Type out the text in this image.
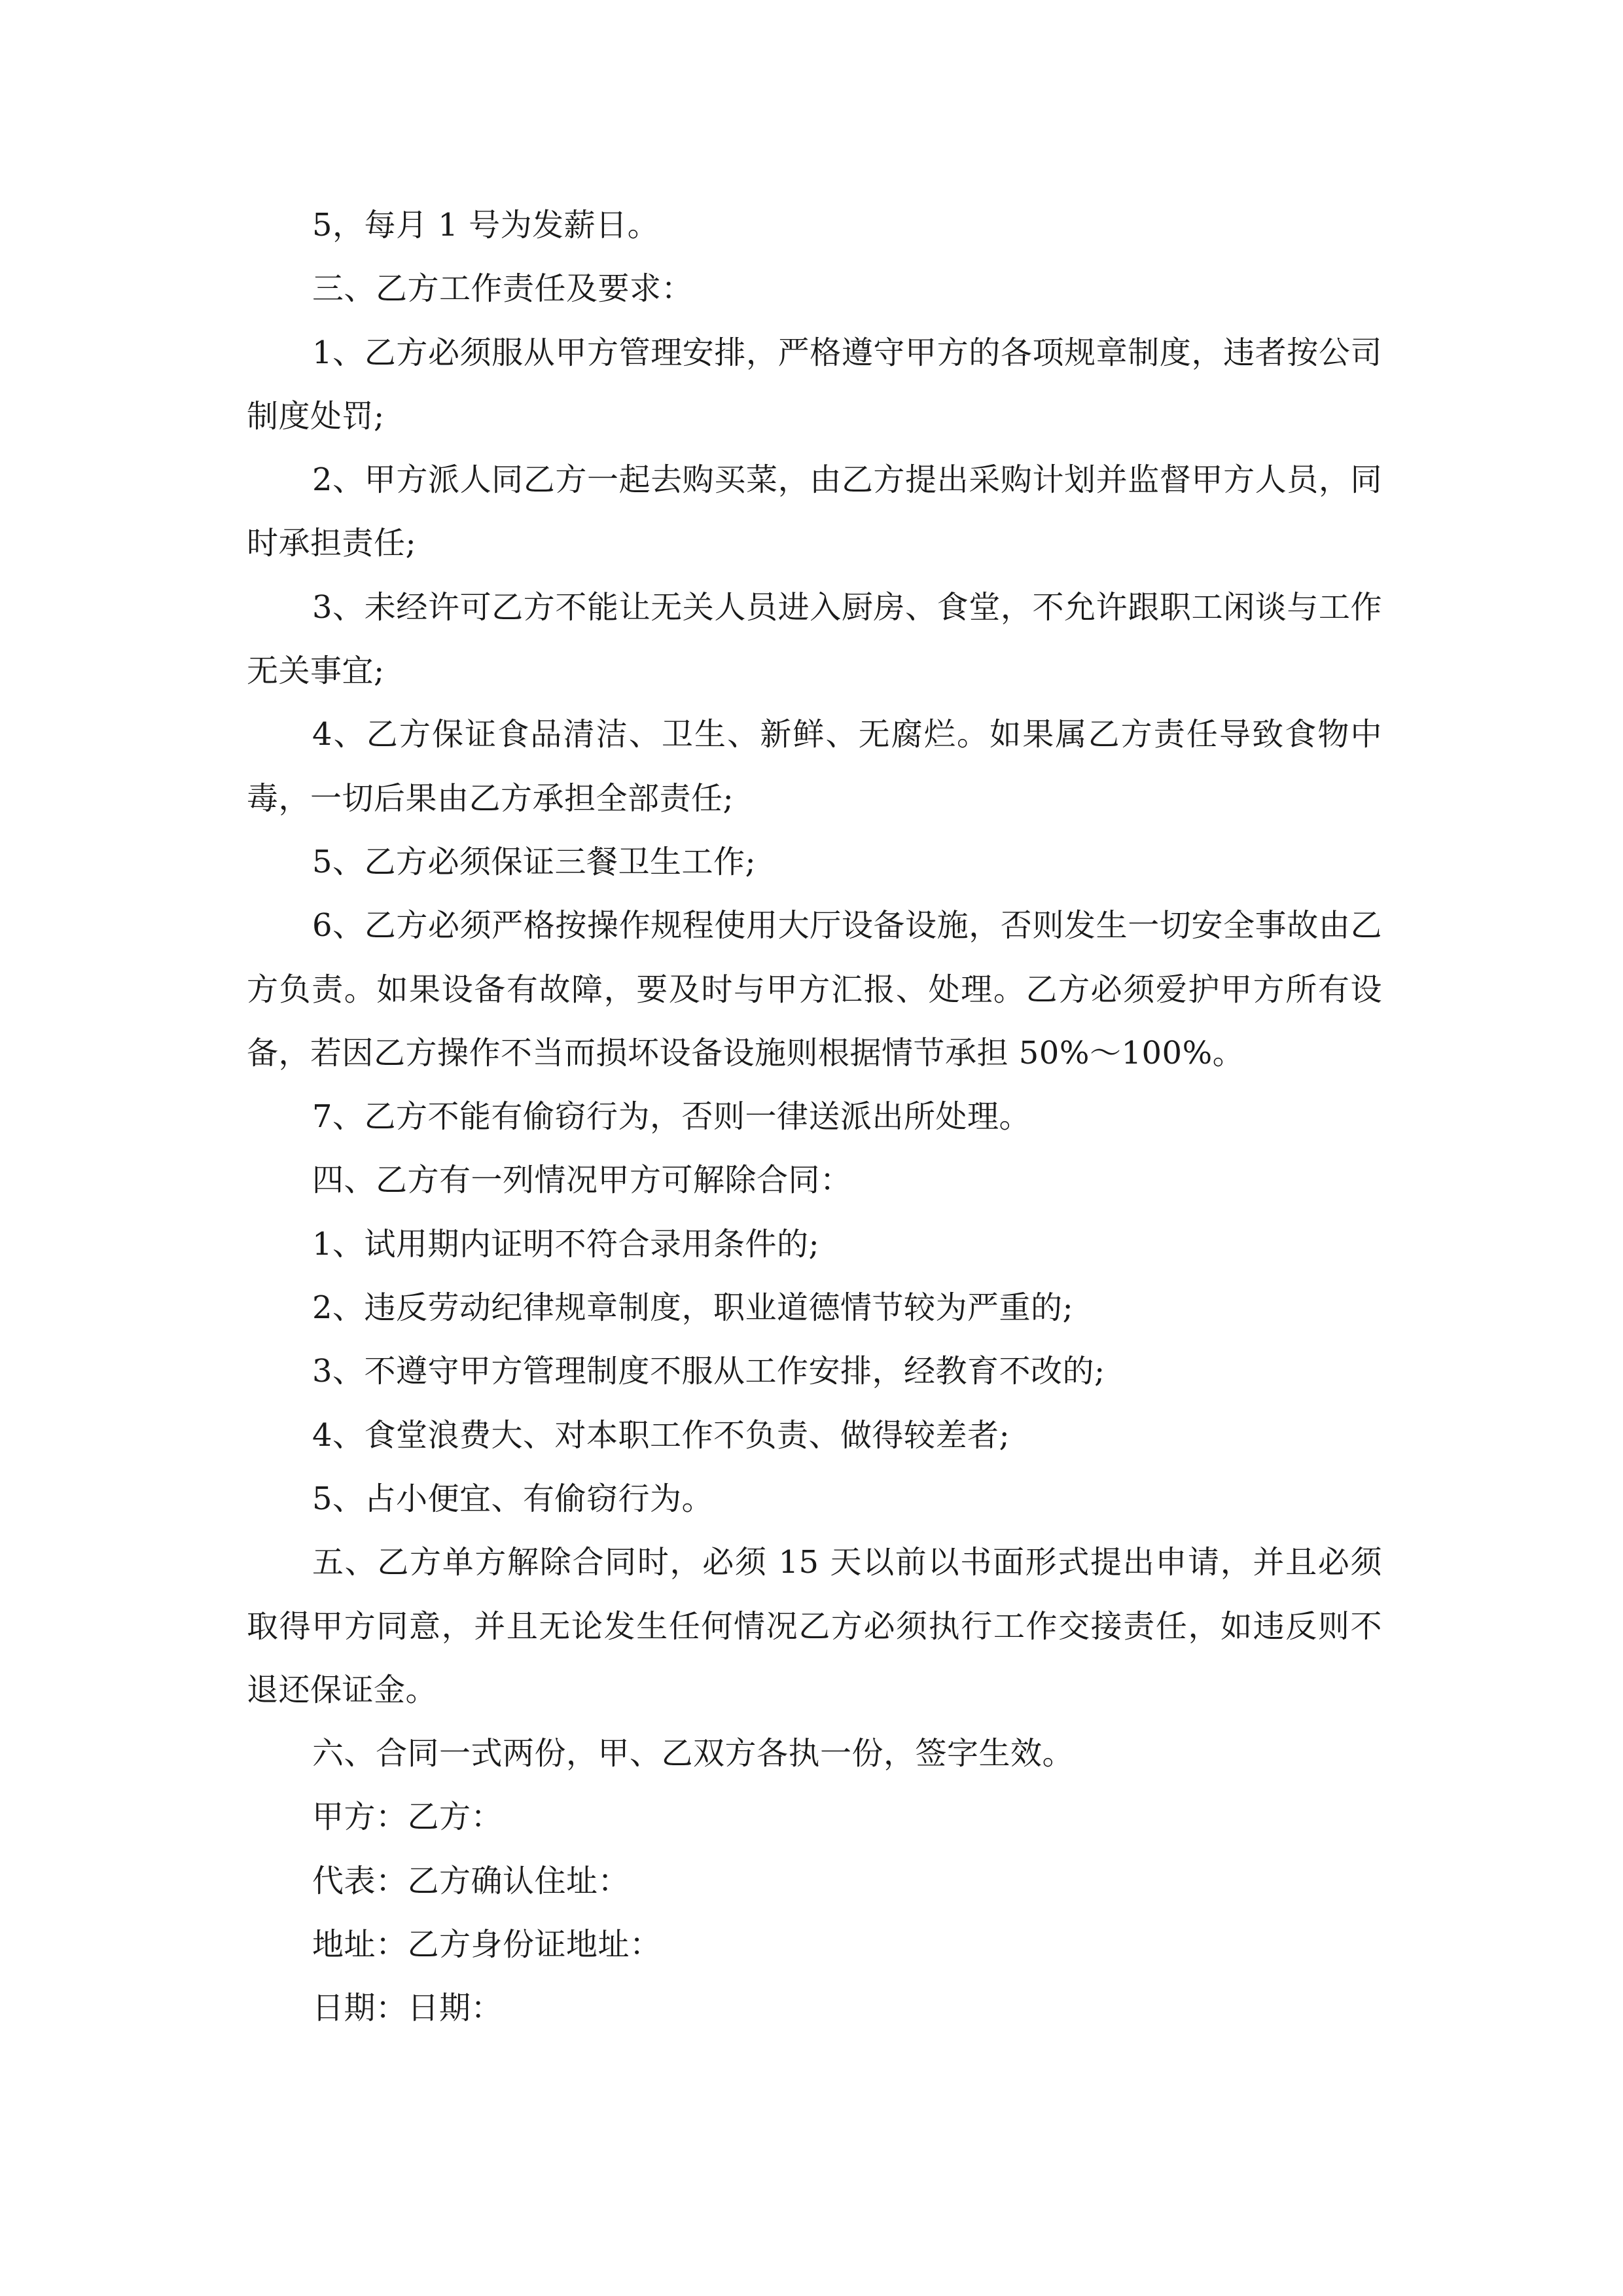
5，每月 1 号为发薪日。

三、乙方工作责任及要求：

1、乙方必须服从甲方管理安排，严格遵守甲方的各项规章制度，违者按公司制度处罚;

2、甲方派人同乙方一起去购买菜，由乙方提出采购计划并监督甲方人员，同时承担责任;

3、未经许可乙方不能让无关人员进入厨房、食堂，不允许跟职工闲谈与工作无关事宜;

4、乙方保证食品清洁、卫生、新鲜、无腐烂。如果属乙方责任导致食物中毒，一切后果由乙方承担全部责任;

5、乙方必须保证三餐卫生工作;

6、乙方必须严格按操作规程使用大厅设备设施，否则发生一切安全事故由乙方负责。如果设备有故障，要及时与甲方汇报、处理。乙方必须爱护甲方所有设备，若因乙方操作不当而损坏设备设施则根据情节承担 50%～100%。

7、乙方不能有偷窃行为，否则一律送派出所处理。

四、乙方有一列情况甲方可解除合同：

1、试用期内证明不符合录用条件的;

2、违反劳动纪律规章制度，职业道德情节较为严重的;

3、不遵守甲方管理制度不服从工作安排，经教育不改的;

4、食堂浪费大、对本职工作不负责、做得较差者;

5、占小便宜、有偷窃行为。

五、乙方单方解除合同时，必须 15 天以前以书面形式提出申请，并且必须取得甲方同意，并且无论发生任何情况乙方必须执行工作交接责任，如违反则不退还保证金。

六、合同一式两份，甲、乙双方各执一份，签字生效。

甲方：乙方：

代表：乙方确认住址：

地址：乙方身份证地址：

日期：日期：
